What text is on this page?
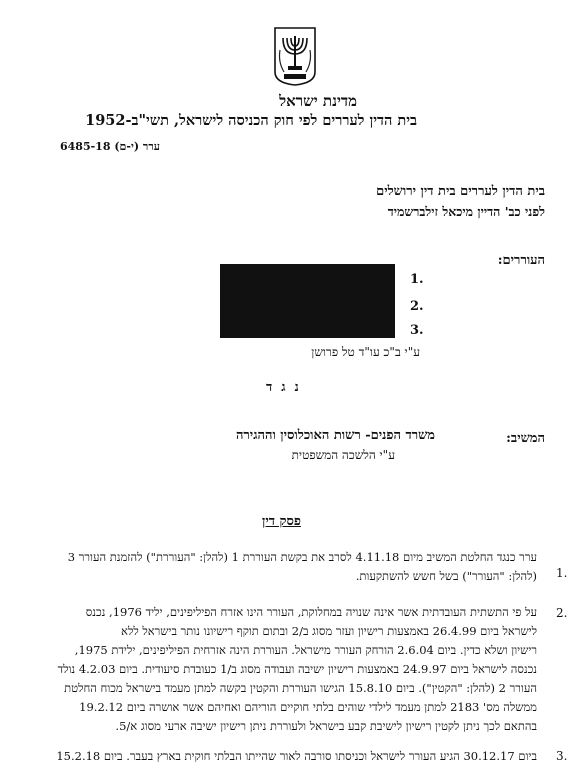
מדינת ישראל
בית הדין לעררים לפי חוק הכניסה לישראל, תשי"ב-1952
6485-18 (י-ם) ערר
בית הדין לעררים בית דין ירושלים
לפני כב' הדיין מיכאל זילברשמיד
העוררים:
1.
2.
3.
ע"י ב"כ עו"ד טל פרושן
נגד
המשיב:
משרד הפנים- רשות האוכלוסין וההגירה
ע"י הלשכה המשפטית
פסק דין
1.
ערר כנגד החלטת המשיב מיום 4.11.18 לסרב את בקשת העוררת 1 (להלן: "העוררת") להזמנת העורר 3
(להלן: "העורר") בשל חשש להשתקעות.
2.
על פי התשתית העובדתית אשר אינה שנויה במחלוקת, העורר הינו אזרח הפיליפינים, יליד 1976, נכנס
לישראל ביום 26.4.99 באמצעות רישיון ועזר מסוג ב/2 ובתום תוקף רישיונו נותר בישראל ללא
רישיון ושלא כדין. ביום 2.6.04 הורחק העורר מישראל. העוררת הינה אזרחית הפיליפינים, ילידת 1975,
נכנסה לישראל ביום 24.9.97 באמצעות רישיון ישיבה ועבודה מסוג ב/1 כעובדת סיעודית. ביום 4.2.03 נולד
העורר 2 (להלן: "הקטין"). ביום 15.8.10 הגישו העוררת והקטין בקשה למתן מעמד בישראל מכוח החלטת
ממשלה מס' 2183 למתן מעמד לילדי שוהים בלתי חוקיים הוריהם ואחיהם אשר אושרה ביום 19.2.12
בהתאם לכך ניתן לקטין רישיון לישיבת קבע בישראל ולעוררת ניתן רישיון ישיבה ארעי מסוג א/5.
3.
ביום 30.12.17 הגיע העורר לישראל וכניסתו סורבה לאור שהייתו הבלתי חוקית בארץ בעבר. ביום 15.2.18
